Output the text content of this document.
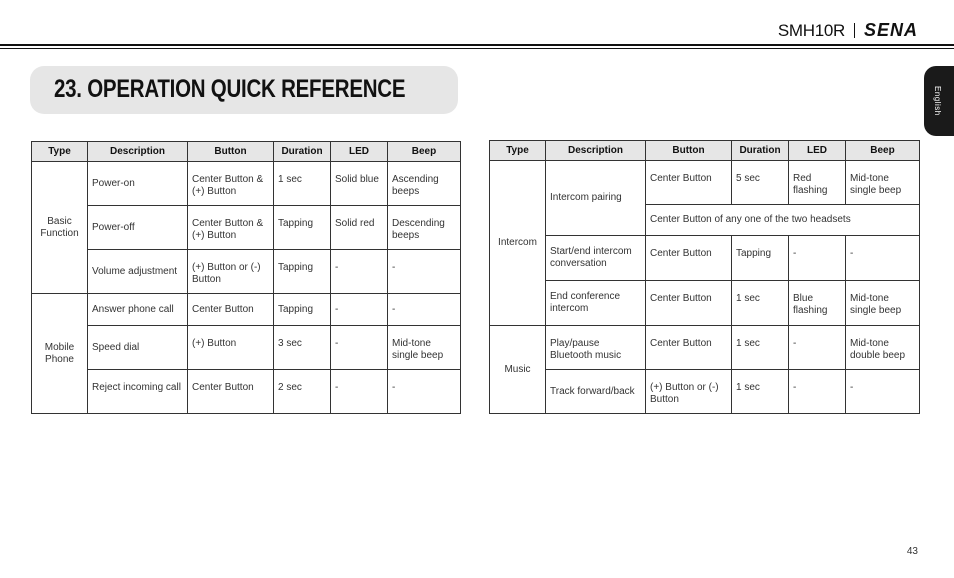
SMH10R SENA
23. OPERATION QUICK REFERENCE	English
Type	Description	Button	Duration	LED	Beep
Basic Function	Power-on	Center Button & (+) Button	1 sec	Solid blue	Ascending beeps
	Power-off	Center Button & (+) Button	Tapping	Solid red	Descending beeps
	Volume adjustment	(+) Button or (-) Button	Tapping	-	-
Mobile Phone	Answer phone call	Center Button	Tapping	-	-
	Speed dial	(+) Button	3 sec	-	Mid-tone single beep
	Reject incoming call	Center Button	2 sec	-	-
Type	Description	Button	Duration	LED	Beep
Intercom	Intercom pairing	Center Button	5 sec	Red flashing	Mid-tone single beep
		Center Button of any one of the two headsets			
	Start/end intercom conversation	Center Button	Tapping	-	-
	End conference intercom	Center Button	1 sec	Blue flashing	Mid-tone single beep
Music	Play/pause Bluetooth music	Center Button	1 sec	-	Mid-tone double beep
	Track forward/back	(+) Button or (-) Button	1 sec	-	-
43
